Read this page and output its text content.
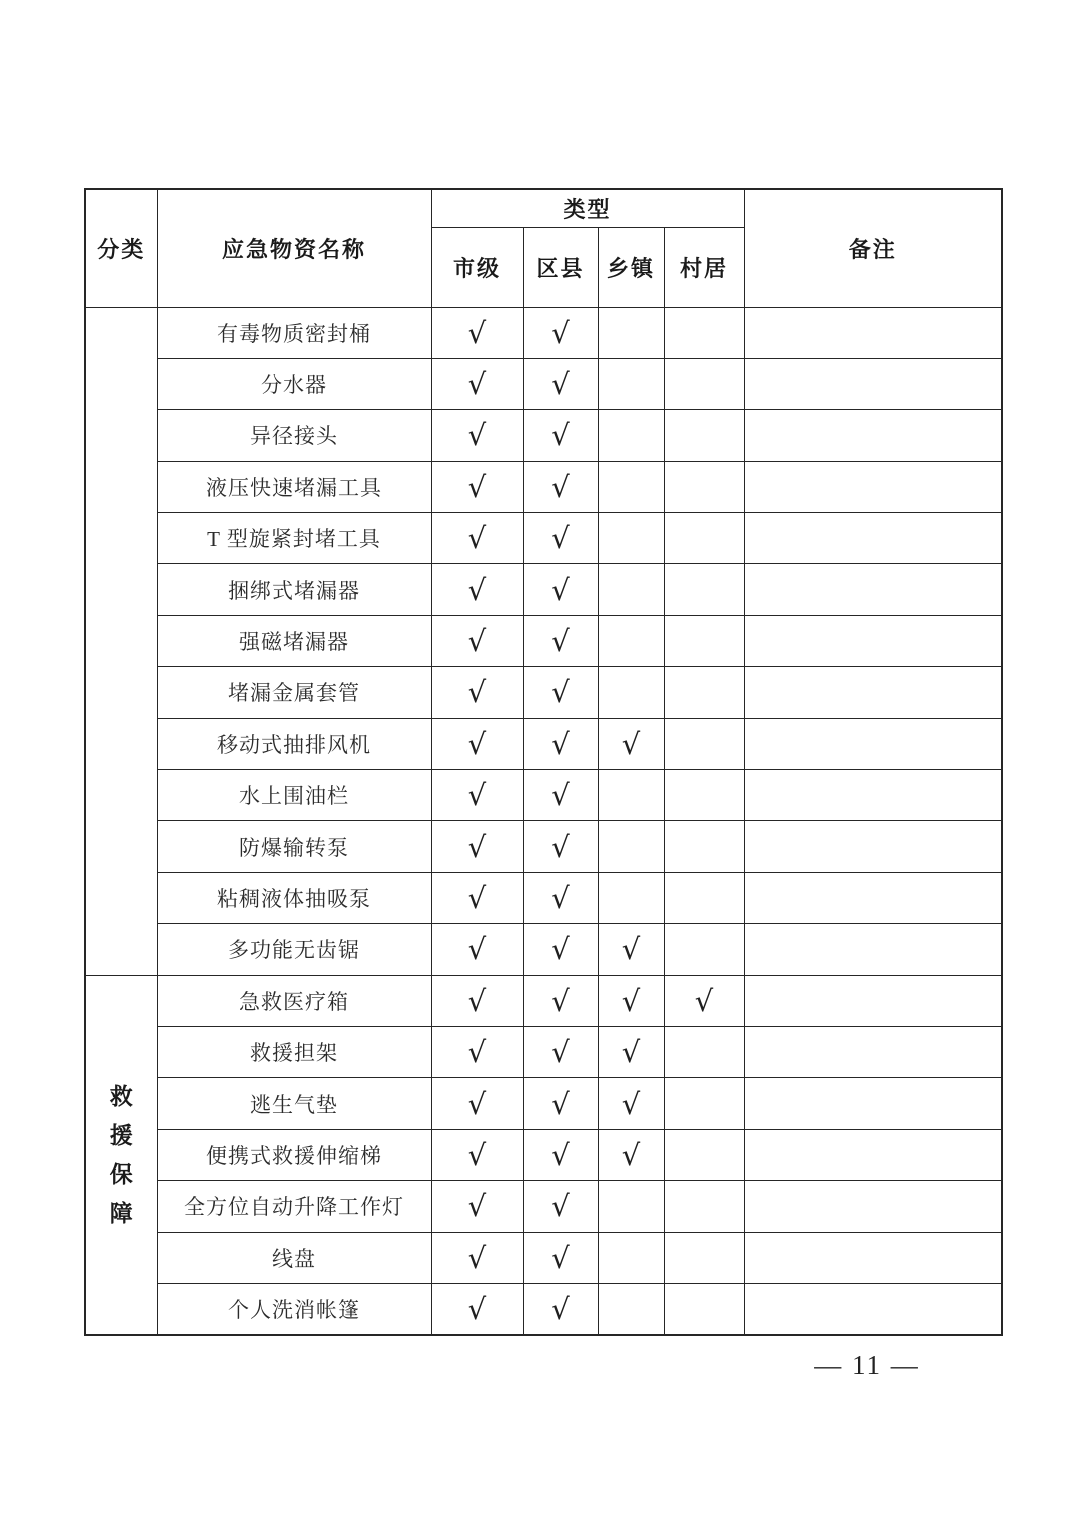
分类	应急物资名称	类型				备注
		市级	区县	乡镇	村居	
	有毒物质密封桶	√	√			
	分水器	√	√			
	异径接头	√	√			
	液压快速堵漏工具	√	√			
	T 型旋紧封堵工具	√	√			
	捆绑式堵漏器	√	√			
	强磁堵漏器	√	√			
	堵漏金属套管	√	√			
	移动式抽排风机	√	√	√		
	水上围油栏	√	√			
	防爆输转泵	√	√			
	粘稠液体抽吸泵	√	√			
	多功能无齿锯	√	√	√		

救
援
保
障	急救医疗箱	√	√	√	√	
	救援担架	√	√	√		
	逃生气垫	√	√	√		
	便携式救援伸缩梯	√	√	√		
	全方位自动升降工作灯	√	√			
	线盘	√	√			
	个人洗消帐篷	√	√			
— 11 —
